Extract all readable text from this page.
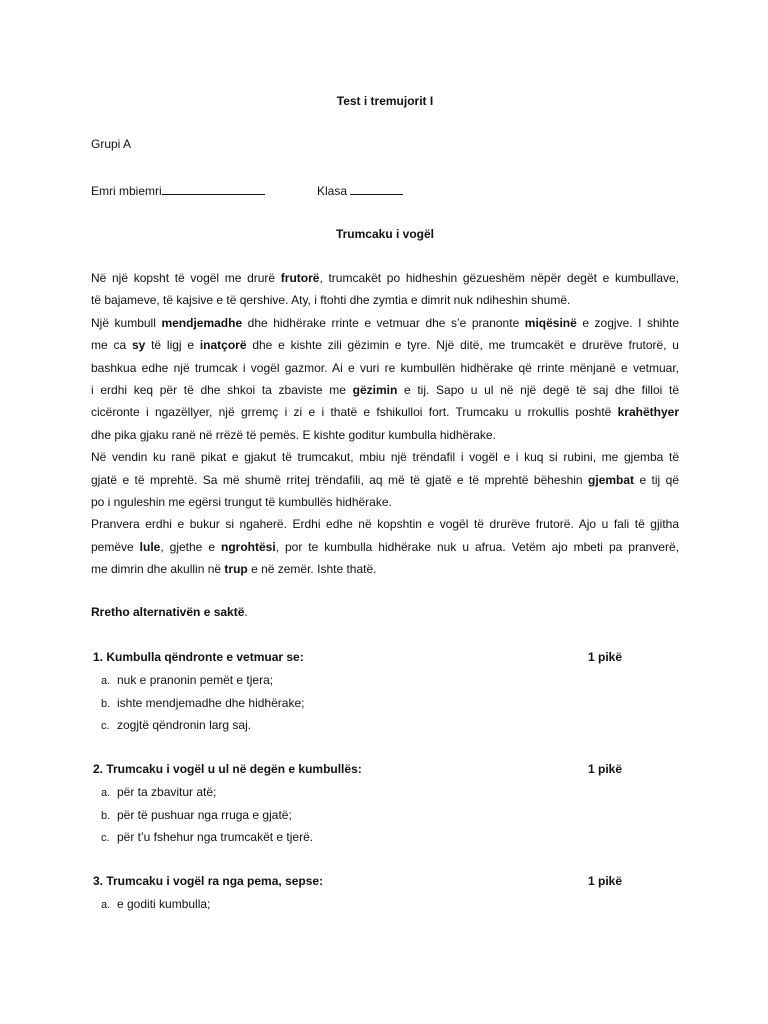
Test i tremujorit I
Grupi A
Emri mbiemri	Klasa
Trumcaku i vogël
Në një kopsht të vogël me drurë frutorë, trumcakët po hidheshin gëzueshëm nëpër degët e kumbullave,
të bajameve, të kajsive e të qershive. Aty, i ftohti dhe zymtia e dimrit nuk ndiheshin shumë.
Një kumbull mendjemadhe dhe hidhërake rrinte e vetmuar dhe s’e pranonte miqësinë e zogjve. I shihte
me ca sy të ligj e inatçorë dhe e kishte zili gëzimin e tyre. Një ditë, me trumcakët e drurëve frutorë, u
bashkua edhe një trumcak i vogël gazmor. Ai e vuri re kumbullën hidhërake që rrinte mënjanë e vetmuar,
i erdhi keq për të dhe shkoi ta zbaviste me gëzimin e tij. Sapo u ul në një degë të saj dhe filloi të
cicëronte i ngazëllyer, një grremç i zi e i thatë e fshikulloi fort. Trumcaku u rrokullis poshtë krahëthyer
dhe pika gjaku ranë në rrëzë të pemës. E kishte goditur kumbulla hidhërake.
Në vendin ku ranë pikat e gjakut të trumcakut, mbiu një trëndafil i vogël e i kuq si rubini, me gjemba të
gjatë e të mprehtë. Sa më shumë rritej trëndafili, aq më të gjatë e të mprehtë bëheshin gjembat e tij që
po i nguleshin me egërsi trungut të kumbullës hidhërake.
Pranvera erdhi e bukur si ngaherë. Erdhi edhe në kopshtin e vogël të drurëve frutorë. Ajo u fali të gjitha
pemëve lule, gjethe e ngrohtësi, por te kumbulla hidhërake nuk u afrua. Vetëm ajo mbeti pa pranverë,
me dimrin dhe akullin në trup e në zemër. Ishte thatë.
Rretho alternativën e saktë.
1. Kumbulla qëndronte e vetmuar se:	1 pikë
a. nuk e pranonin pemët e tjera;
b. ishte mendjemadhe dhe hidhërake;
c. zogjtë qëndronin larg saj.
2. Trumcaku i vogël u ul në degën e kumbullës:	1 pikë
a. për ta zbavitur atë;
b. për të pushuar nga rruga e gjatë;
c. për t’u fshehur nga trumcakët e tjerë.
3. Trumcaku i vogël ra nga pema, sepse:	1 pikë
a. e goditi kumbulla;
